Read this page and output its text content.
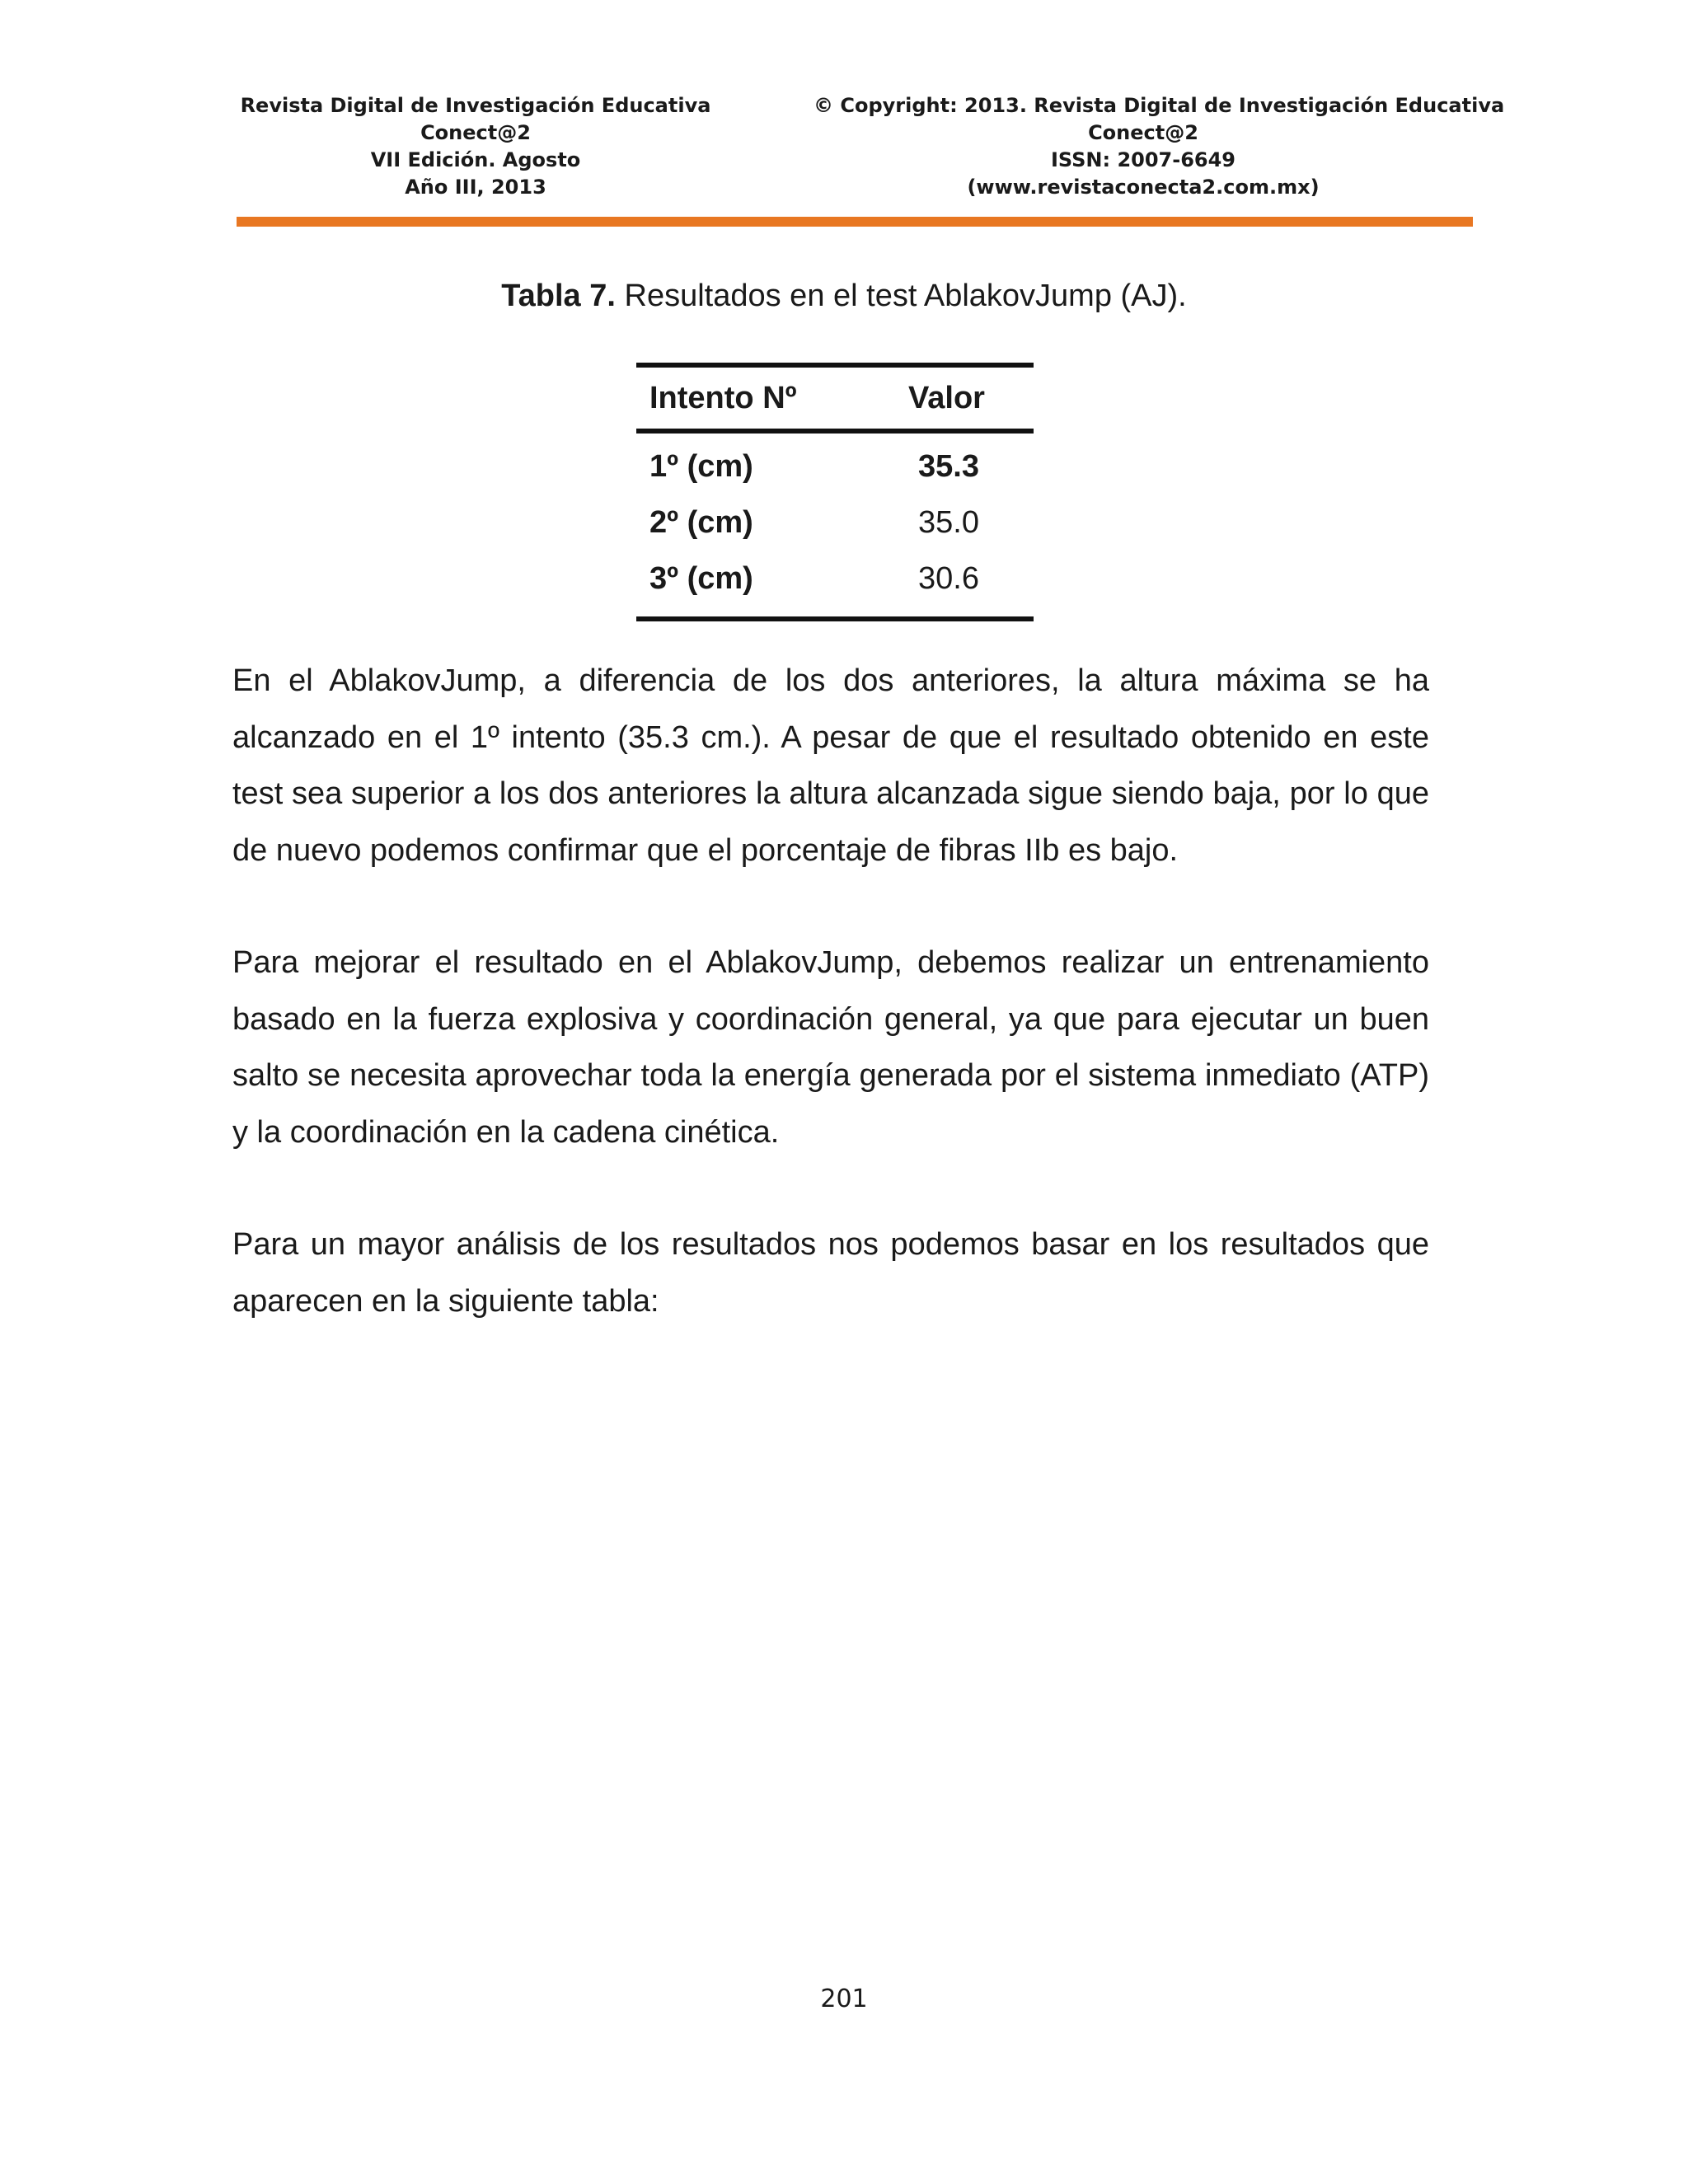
Revista Digital de Investigación Educativa
Conect@2
VII Edición. Agosto
Año III, 2013
© Copyright: 2013. Revista Digital de Investigación Educativa
Conect@2
ISSN: 2007-6649
(www.revistaconecta2.com.mx)
Tabla 7. Resultados en el test AblakovJump (AJ).
Intento Nº	Valor
1º (cm)	35.3
2º (cm)	35.0
3º (cm)	30.6

En el AblakovJump, a diferencia de los dos anteriores, la altura máxima se ha alcanzado en el 1º intento (35.3 cm.). A pesar de que el resultado obtenido en este test sea superior a los dos anteriores la altura alcanzada sigue siendo baja, por lo que de nuevo podemos confirmar que el porcentaje de fibras IIb es bajo.

Para mejorar el resultado en el AblakovJump, debemos realizar un entrenamiento basado en la fuerza explosiva y coordinación general, ya que para ejecutar un buen salto se necesita aprovechar toda la energía generada por el sistema inmediato (ATP) y la coordinación en la cadena cinética.

Para un mayor análisis de los resultados nos podemos basar en los resultados que aparecen en la siguiente tabla:

201
